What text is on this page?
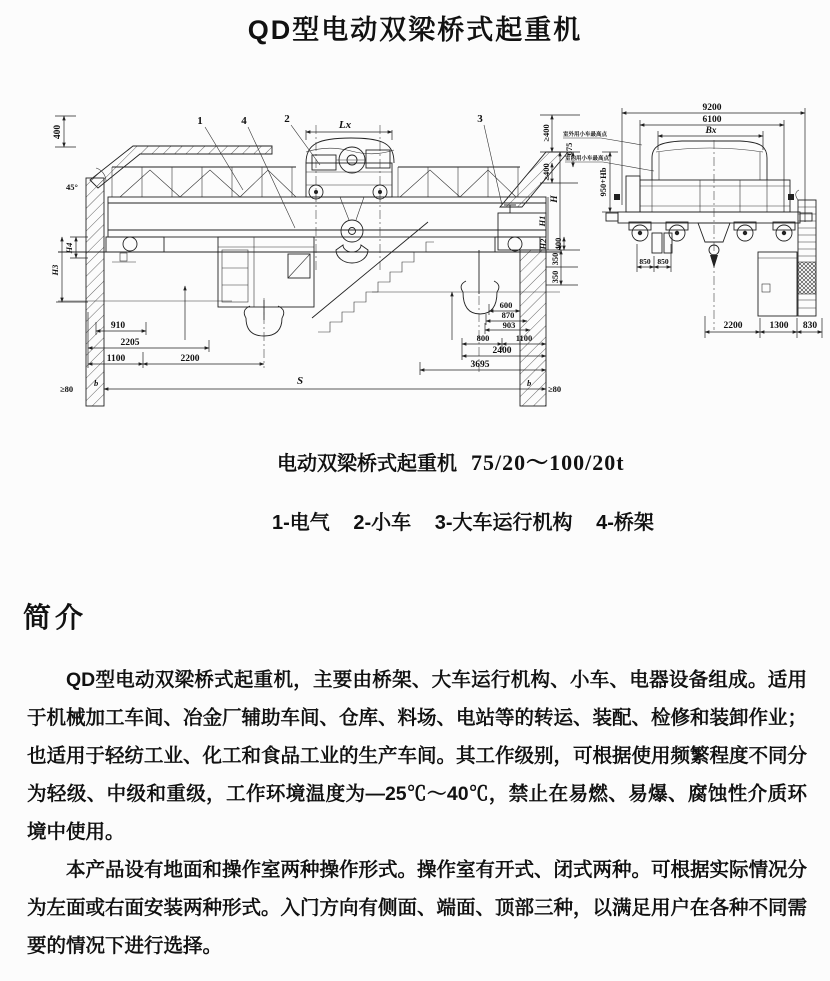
QD型电动双梁桥式起重机
400
45°
Lx
1	4	2	3
≥400
675
≥400
H
H1
H2 400
350
350
H4
H3
910
2205
1100	2200
600
870
903
800	1100
2400
3695
S
≥80
b	b
≥80
9200
6100
Bx
室外用小车最高点
室内用小车最高点
950+Hb
850 850
2200	1300 830
电动双梁桥式起重机 75/20～100/20t
1-电气 2-小车 3-大车运行机构 4-桥架
简介

QD型电动双梁桥式起重机，主要由桥架、大车运行机构、小车、电器设备组成。适用于机械加工车间、冶金厂辅助车间、仓库、料场、电站等的转运、装配、检修和装卸作业；也适用于轻纺工业、化工和食品工业的生产车间。其工作级别，可根据使用频繁程度不同分为轻级、中级和重级，工作环境温度为—25℃～40℃，禁止在易燃、易爆、腐蚀性介质环境中使用。

本产品设有地面和操作室两种操作形式。操作室有开式、闭式两种。可根据实际情况分为左面或右面安装两种形式。入门方向有侧面、端面、顶部三种，以满足用户在各种不同需要的情况下进行选择。
